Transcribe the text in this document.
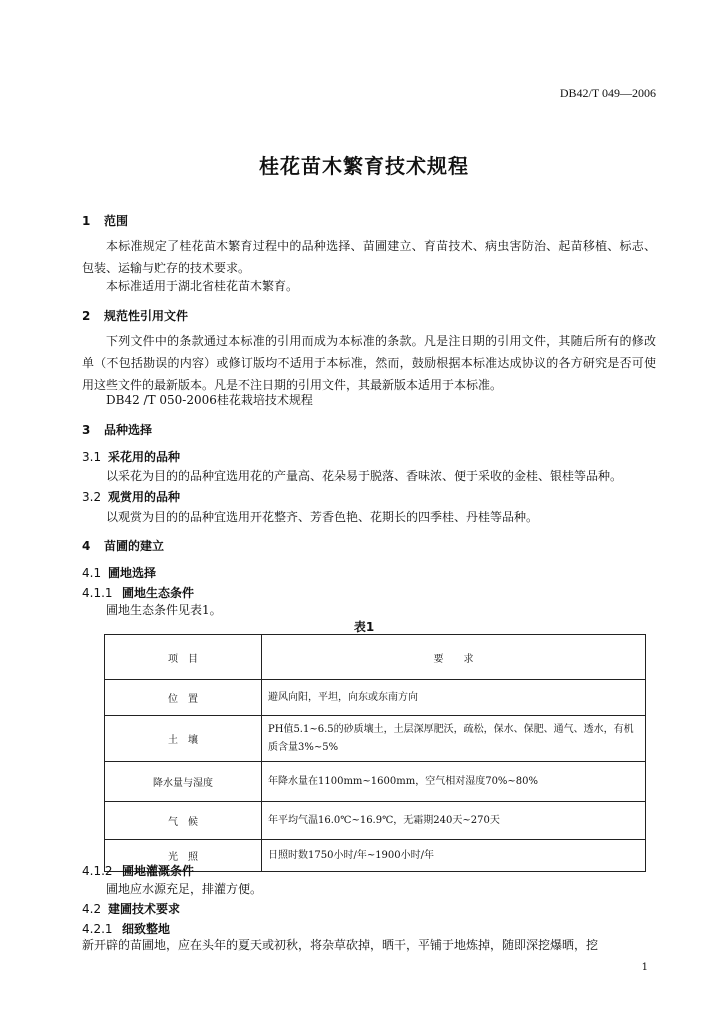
DB42/T 049—2006
桂花苗木繁育技术规程
1 范围
本标准规定了桂花苗木繁育过程中的品种选择、苗圃建立、育苗技术、病虫害防治、起苗移植、标志、包装、运输与贮存的技术要求。
本标准适用于湖北省桂花苗木繁育。
2 规范性引用文件
下列文件中的条款通过本标准的引用而成为本标准的条款。凡是注日期的引用文件，其随后所有的修改单（不包括勘误的内容）或修订版均不适用于本标准，然而，鼓励根据本标准达成协议的各方研究是否可使用这些文件的最新版本。凡是不注日期的引用文件，其最新版本适用于本标准。
DB42 /T 050-2006桂花栽培技术规程
3 品种选择
3.1 采花用的品种
以采花为目的的品种宜选用花的产量高、花朵易于脱落、香味浓、便于采收的金桂、银桂等品种。
3.2 观赏用的品种
以观赏为目的的品种宜选用开花整齐、芳香色艳、花期长的四季桂、丹桂等品种。
4 苗圃的建立
4.1 圃地选择
4.1.1 圃地生态条件
圃地生态条件见表1。
表1
项　目	要　　求
位　置	避风向阳，平坦，向东或东南方向
土　壤	PH值5.1~6.5的砂质壤土，土层深厚肥沃，疏松，保水、保肥、通气、透水，有机质含量3%~5%
降水量与湿度	年降水量在1100mm~1600mm，空气相对湿度70%~80%
气　候	年平均气温16.0℃~16.9℃，无霜期240天~270天
光　照	日照时数1750小时/年~1900小时/年
4.1.2 圃地灌溉条件
圃地应水源充足，排灌方便。
4.2 建圃技术要求
4.2.1 细致整地
新开辟的苗圃地，应在头年的夏天或初秋，将杂草砍掉，晒干，平铺于地炼掉，随即深挖爆晒，挖
1
